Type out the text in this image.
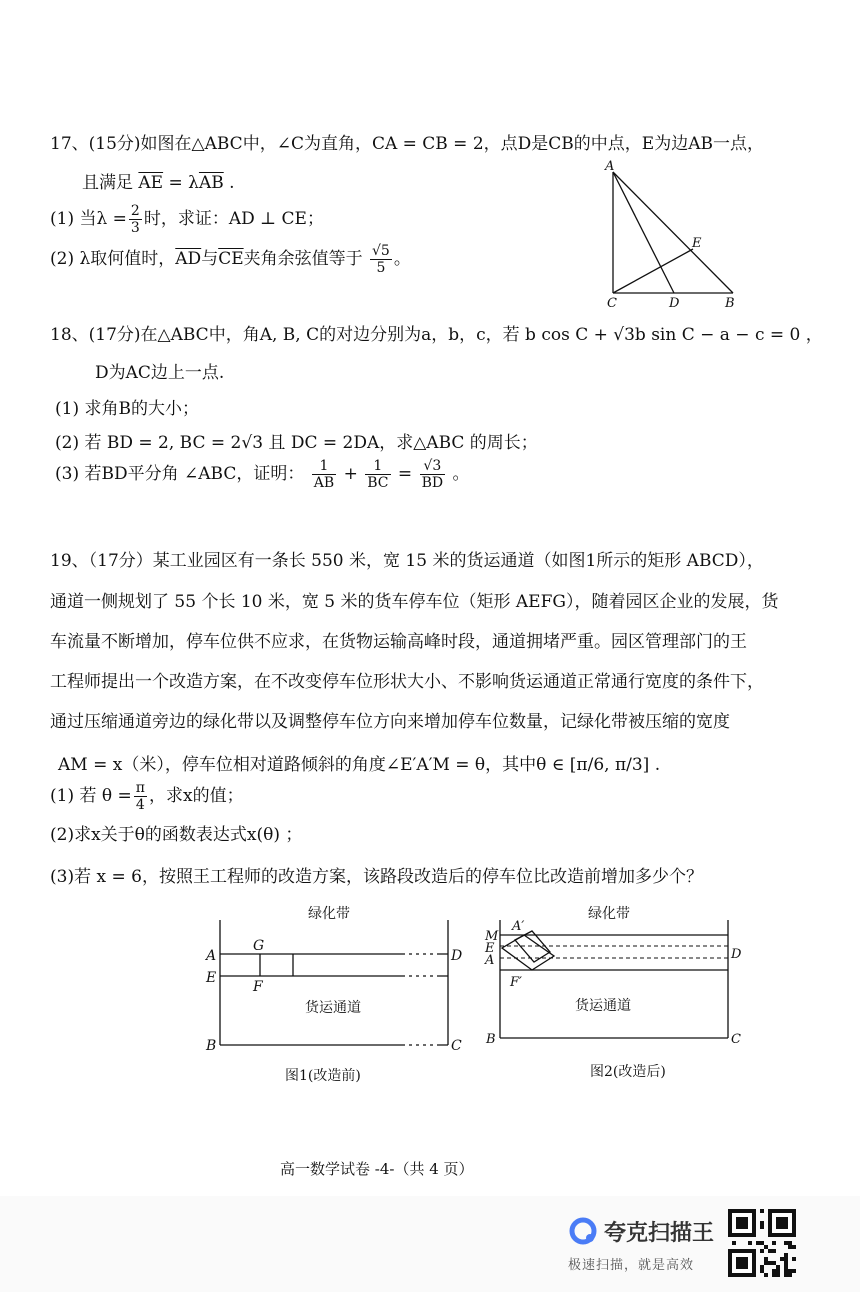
17、(15分)如图在△ABC中，∠C为直角，CA = CB = 2，点D是CB的中点，E为边AB一点，
且满足 $\overline{AE} = \lambda\overline{AB}$ .
(1) 当$\lambda = \frac{2}{3}$ 时，求证：AD ⊥ CE；
(2) λ取何值时，$\overline{AD}$与$\overline{CE}$夹角余弦值等于 $\frac{√5}{5}$ 。
A
C	D	B
E
18、(17分)在△ABC中，角A, B, C的对边分别为a，b，c，若 b cos C + √3b sin C − a − c = 0 ，
D为AC边上一点.
(1) 求角B的大小；
(2) 若 BD = 2, BC = 2√3 且 DC = 2DA，求△ABC 的周长；
(3) 若BD平分角 ∠ABC，证明： $\frac{1}{AB} + \frac{1}{BC} = \frac{√3}{BD}$ 。
19、（17分）某工业园区有一条长 550 米，宽 15 米的货运通道（如图1所示的矩形 ABCD），
通道一侧规划了 55 个长 10 米，宽 5 米的货车停车位（矩形 AEFG），随着园区企业的发展，货
车流量不断增加，停车位供不应求，在货物运输高峰时段，通道拥堵严重。园区管理部门的王
工程师提出一个改造方案，在不改变停车位形状大小、不影响货运通道正常通行宽度的条件下，
通过压缩通道旁边的绿化带以及调整停车位方向来增加停车位数量，记绿化带被压缩的宽度
AM = x（米），停车位相对道路倾斜的角度∠E′A′M = θ，其中θ ∈ [π/6, π/3] .
(1) 若 $\theta = \frac{\pi}{4}$ ，求x的值；
(2)求x关于θ的函数表达式x(θ) ；
(3)若 x = 6，按照王工程师的改造方案，该路段改造后的停车位比改造前增加多少个？
绿化带
货运通道
图1(改造前)
A
E
G
F
D
B	C
绿化带
货运通道
图2(改造后)
M
E
A
A′
F′
D
B	C
高一数学试卷 -4-（共 4 页）
夸克扫描王
极速扫描，就是高效
